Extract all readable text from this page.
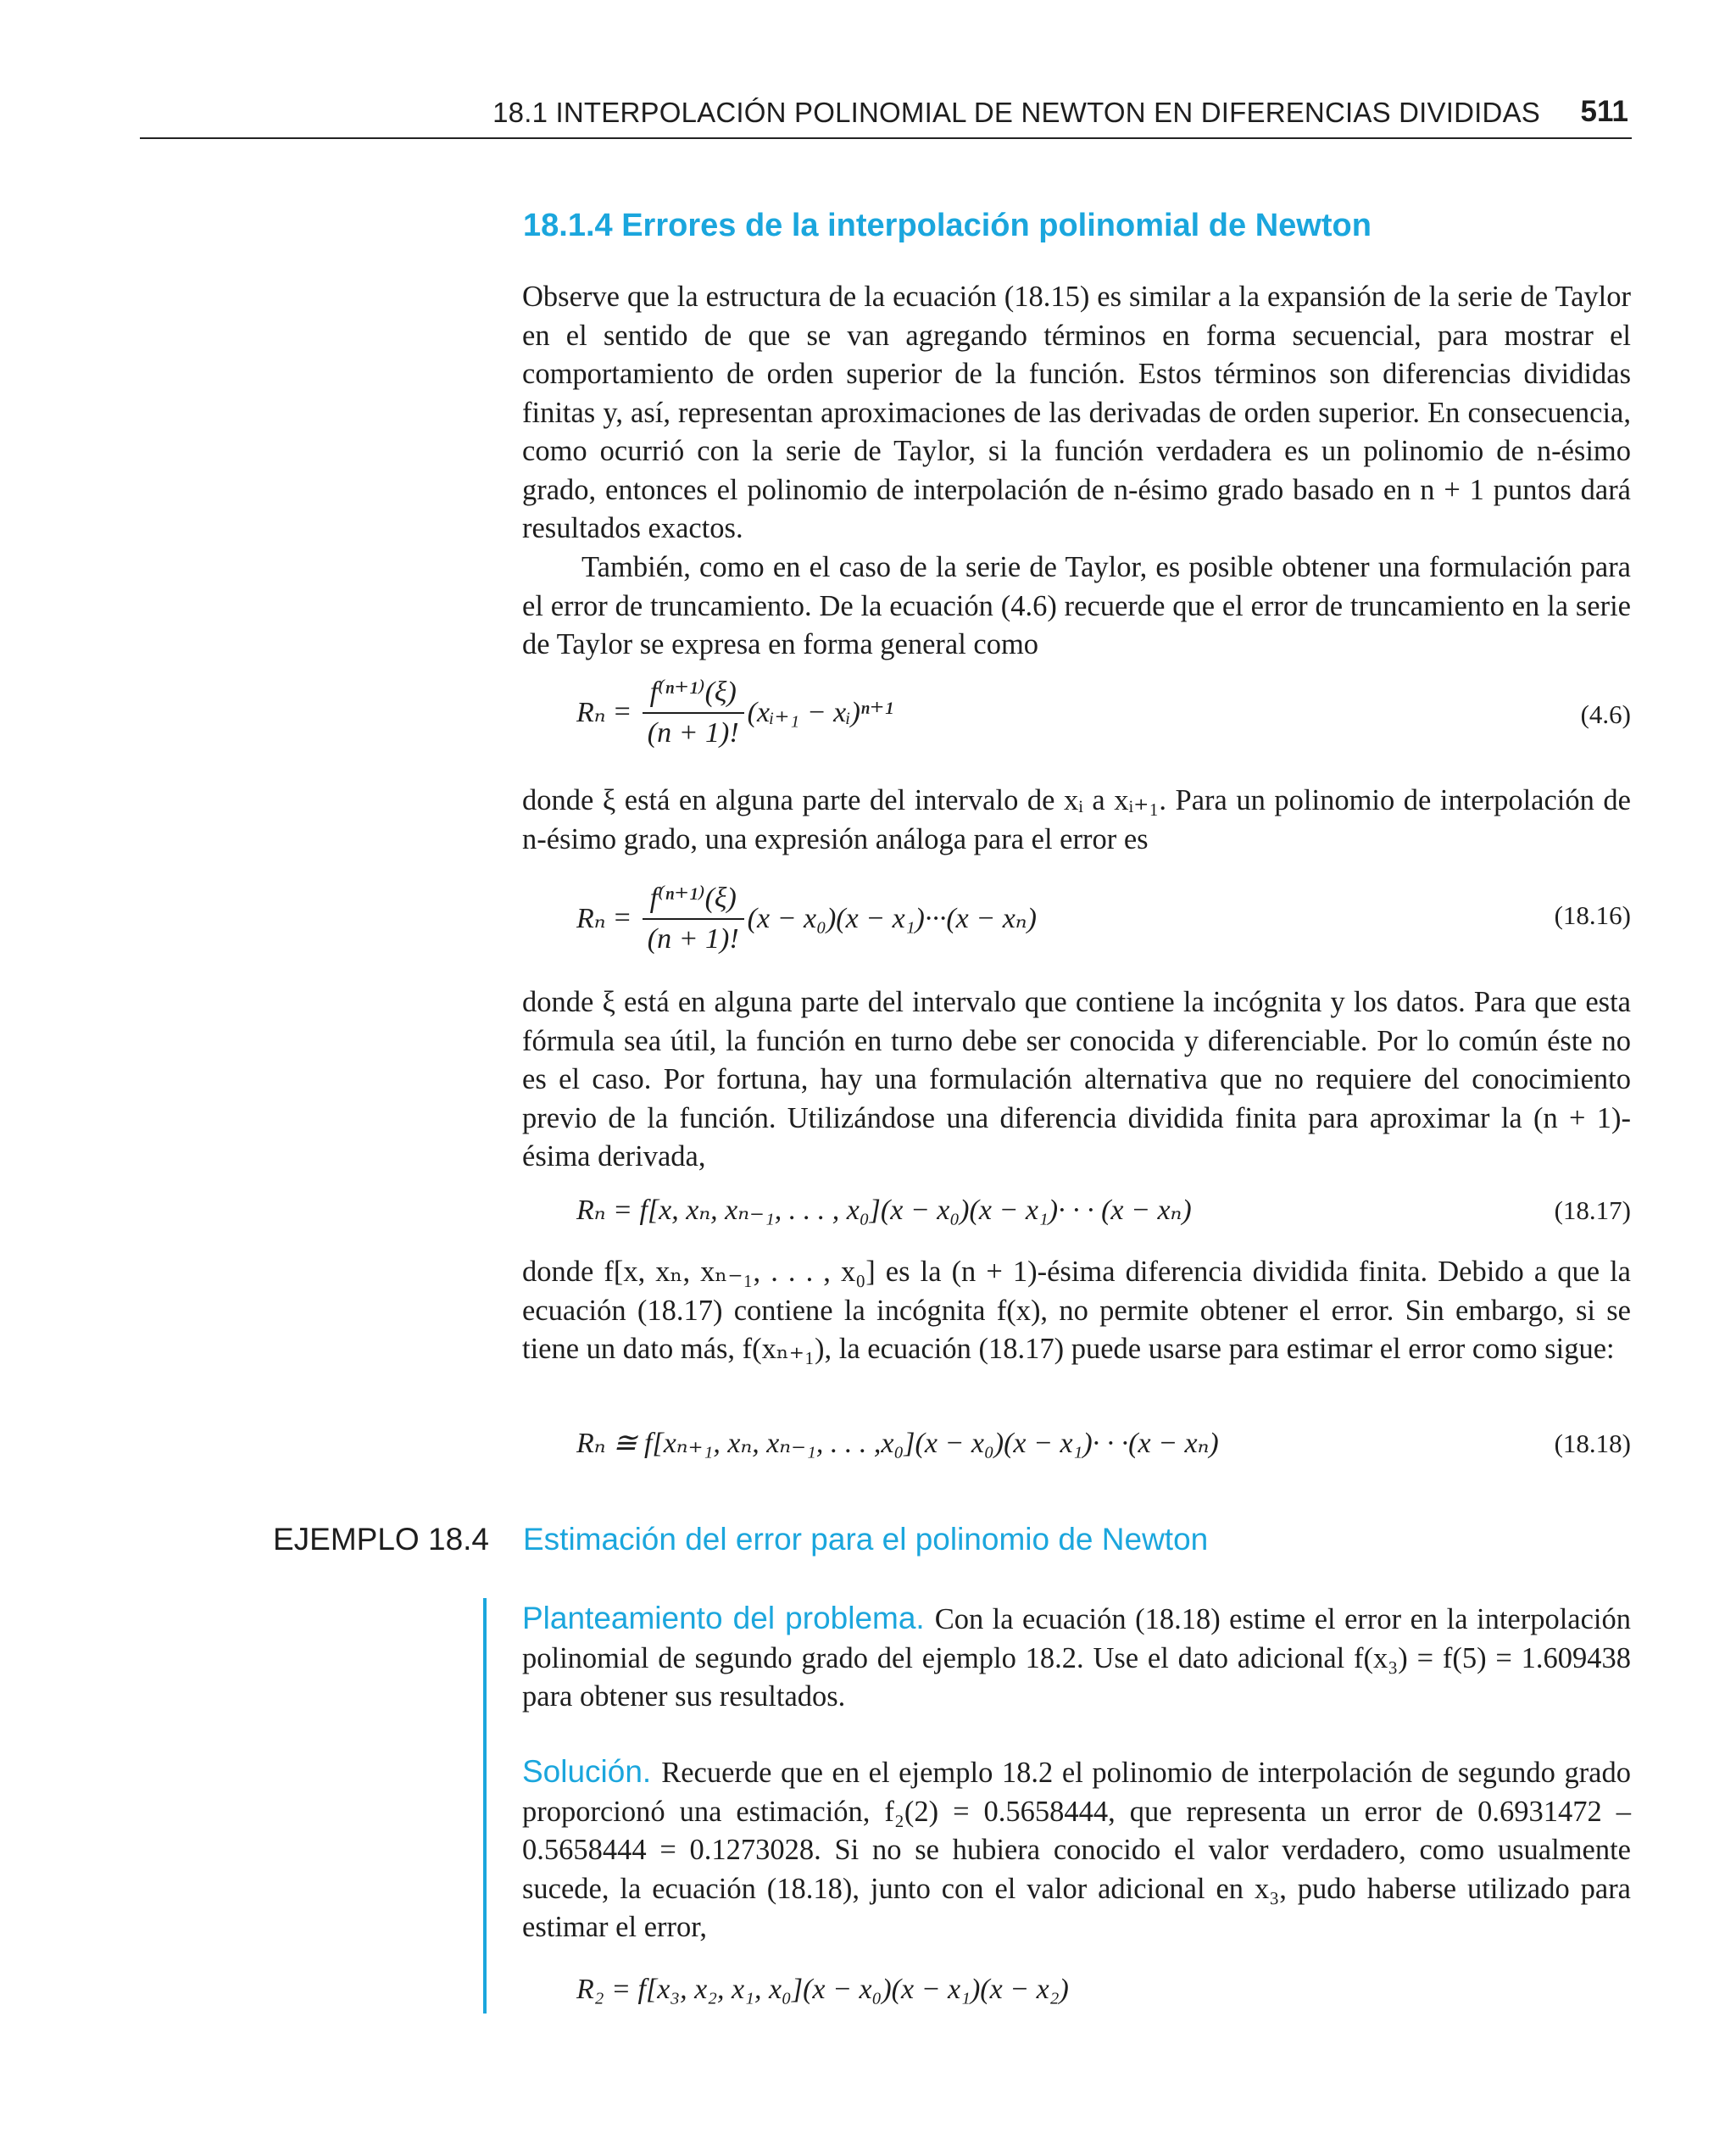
18.1 INTERPOLACIÓN POLINOMIAL DE NEWTON EN DIFERENCIAS DIVIDIDAS 511
18.1.4 Errores de la interpolación polinomial de Newton

Observe que la estructura de la ecuación (18.15) es similar a la expansión de la serie de Taylor en el sentido de que se van agregando términos en forma secuencial, para mostrar el comportamiento de orden superior de la función. Estos términos son diferencias divididas finitas y, así, representan aproximaciones de las derivadas de orden superior. En consecuencia, como ocurrió con la serie de Taylor, si la función verdadera es un polinomio de n-ésimo grado, entonces el polinomio de interpolación de n-ésimo grado basado en n + 1 puntos dará resultados exactos.

También, como en el caso de la serie de Taylor, es posible obtener una formulación para el error de truncamiento. De la ecuación (4.6) recuerde que el error de truncamiento en la serie de Taylor se expresa en forma general como

$R_n = \frac{\text{f⁽ⁿ⁺¹⁾(ξ)}}{(n + 1)!}$ (xᵢ₊₁ − xᵢ)ⁿ⁺¹	(4.6)

donde ξ está en alguna parte del intervalo de xᵢ a xᵢ₊₁. Para un polinomio de interpolación de n-ésimo grado, una expresión análoga para el error es

$R_n = \frac{\text{f⁽ⁿ⁺¹⁾(ξ)}}{(n + 1)!} (x - x_0)(x - x_1)\cdot\cdot\cdot(x - x_n)$	(18.16)

donde ξ está en alguna parte del intervalo que contiene la incógnita y los datos. Para que esta fórmula sea útil, la función en turno debe ser conocida y diferenciable. Por lo común éste no es el caso. Por fortuna, hay una formulación alternativa que no requiere del conocimiento previo de la función. Utilizándose una diferencia dividida finita para aproximar la (n + 1)-ésima derivada,

Rₙ = f[x, xₙ, xₙ₋₁, . . . , x₀](x − x₀)(x − x₁)· · · (x − xₙ)	(18.17)

donde f[x, xₙ, xₙ₋₁, . . . , x₀] es la (n + 1)-ésima diferencia dividida finita. Debido a que la ecuación (18.17) contiene la incógnita f(x), no permite obtener el error. Sin embargo, si se tiene un dato más, f(xₙ₊₁), la ecuación (18.17) puede usarse para estimar el error como sigue:

Rₙ ≅ f[xₙ₊₁, xₙ, xₙ₋₁, . . . ,x₀](x − x₀)(x − x₁)· · ·(x − xₙ)	(18.18)
EJEMPLO 18.4 Estimación del error para el polinomio de Newton

Planteamiento del problema. Con la ecuación (18.18) estime el error en la interpolación polinomial de segundo grado del ejemplo 18.2. Use el dato adicional f(x₃) = f(5) = 1.609438 para obtener sus resultados.

Solución. Recuerde que en el ejemplo 18.2 el polinomio de interpolación de segundo grado proporcionó una estimación, f₂(2) = 0.5658444, que representa un error de 0.6931472 – 0.5658444 = 0.1273028. Si no se hubiera conocido el valor verdadero, como usualmente sucede, la ecuación (18.18), junto con el valor adicional en x₃, pudo haberse utilizado para estimar el error,

R₂ = f[x₃, x₂, x₁, x₀](x − x₀)(x − x₁)(x − x₂)
